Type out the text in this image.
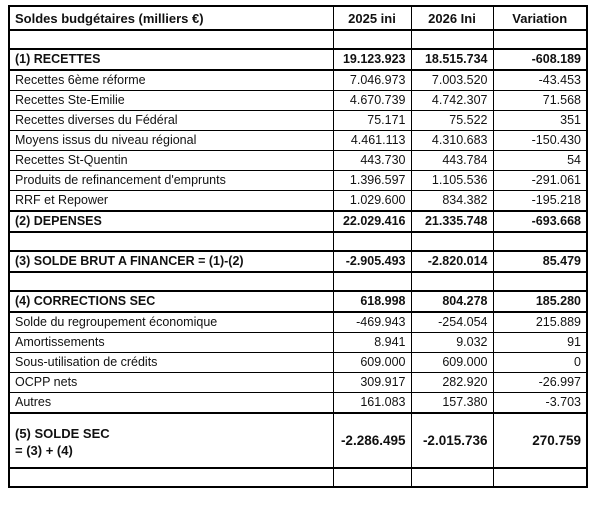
Soldes budgétaires (milliers €)	2025 ini	2026 Ini	Variation

(1) RECETTES	19.123.923	18.515.734	-608.189
Recettes 6ème réforme	7.046.973	7.003.520	-43.453
Recettes Ste-Emilie	4.670.739	4.742.307	71.568
Recettes diverses du Fédéral	75.171	75.522	351
Moyens issus du niveau régional	4.461.113	4.310.683	-150.430
Recettes St-Quentin	443.730	443.784	54
Produits de refinancement d'emprunts	1.396.597	1.105.536	-291.061
RRF et Repower	1.029.600	834.382	-195.218
(2) DEPENSES	22.029.416	21.335.748	-693.668

(3) SOLDE BRUT A FINANCER = (1)-(2)	-2.905.493	-2.820.014	85.479

(4) CORRECTIONS SEC	618.998	804.278	185.280
Solde du regroupement économique	-469.943	-254.054	215.889
Amortissements	8.941	9.032	91
Sous-utilisation de crédits	609.000	609.000	0
OCPP nets	309.917	282.920	-26.997
Autres	161.083	157.380	-3.703

(5) SOLDE SEC
= (3) + (4)	-2.286.495	-2.015.736	270.759
